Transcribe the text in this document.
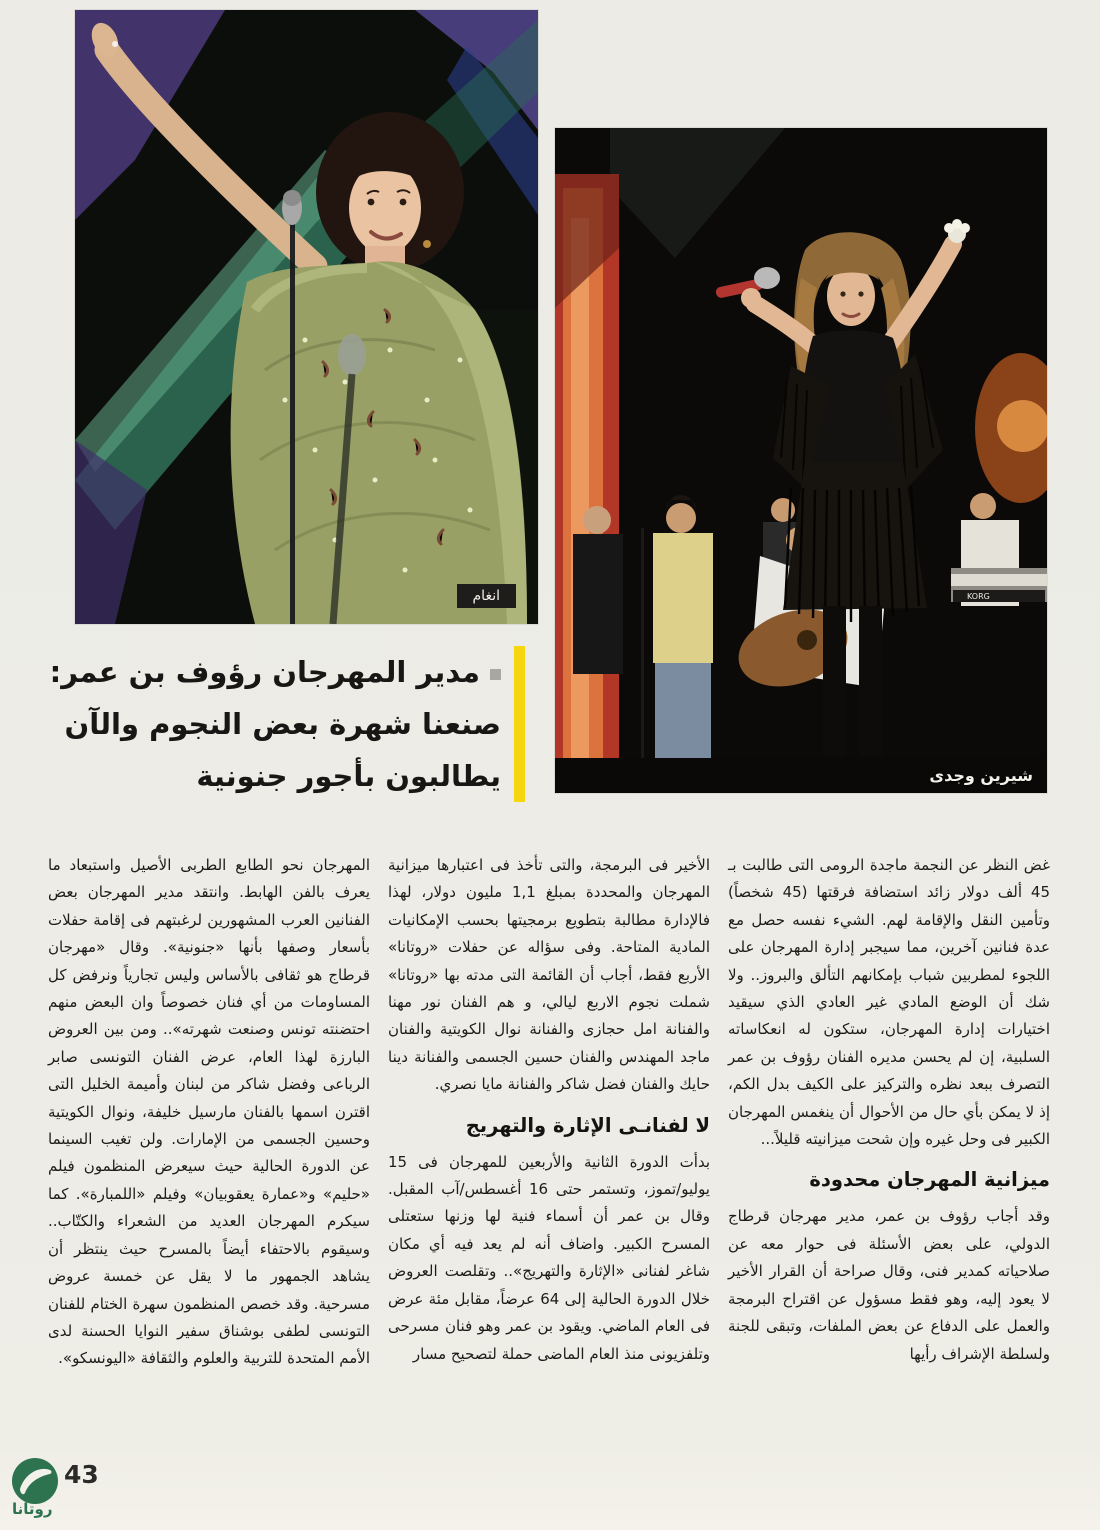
انغام	KORG
شيرين وجدى
مدير المهرجان رؤوف بن عمر:
صنعنا شهرة بعض النجوم والآن
يطالبون بأجور جنونية

غض النظر عن النجمة ماجدة الرومى التى طالبت بـ 45 ألف دولار زائد استضافة فرقتها (45 شخصاً) وتأمين النقل والإقامة لهم. الشيء نفسه حصل مع عدة فنانين آخرين، مما سيجبر إدارة المهرجان على اللجوء لمطربين شباب بإمكانهم التألق والبروز.. ولا شك أن الوضع المادي غير العادي الذي سيقيد اختيارات إدارة المهرجان، ستكون له انعكاساته السلبية، إن لم يحسن مديره الفنان رؤوف بن عمر التصرف ببعد نظره والتركيز على الكيف بدل الكم، إذ لا يمكن بأي حال من الأحوال أن ينغمس المهرجان الكبير فى وحل غيره وإن شحت ميزانيته قليلاً...

ميزانية المهرجان محدودة

وقد أجاب رؤوف بن عمر، مدير مهرجان قرطاج الدولي، على بعض الأسئلة فى حوار معه عن صلاحياته كمدير فنى، وقال صراحة أن القرار الأخير لا يعود إليه، وهو فقط مسؤول عن اقتراح البرمجة والعمل على الدفاع عن بعض الملفات، وتبقى للجنة ولسلطة الإشراف رأيها

الأخير فى البرمجة، والتى تأخذ فى اعتبارها ميزانية المهرجان والمحددة بمبلغ 1,1 مليون دولار، لهذا فالإدارة مطالبة بتطويع برمجيتها بحسب الإمكانيات المادية المتاحة. وفى سؤاله عن حفلات «روتانا» الأربع فقط، أجاب أن القائمة التى مدته بها «روتانا» شملت نجوم الاربع ليالي، و هم الفنان نور مهنا والفنانة امل حجازى والفنانة نوال الكويتية والفنان ماجد المهندس والفنان حسين الجسمى والفنانة دينا حايك والفنان فضل شاكر والفنانة مايا نصري.

لا لفنانـى الإثارة والتهريج

بدأت الدورة الثانية والأربعين للمهرجان فى 15 يوليو/تموز، وتستمر حتى 16 أغسطس/آب المقبل. وقال بن عمر أن أسماء فنية لها وزنها ستعتلى المسرح الكبير. واضاف أنه لم يعد فيه أي مكان شاغر لفنانى «الإثارة والتهريج».. وتقلصت العروض خلال الدورة الحالية إلى 64 عرضاً، مقابل مئة عرض فى العام الماضي. ويقود بن عمر وهو فنان مسرحى وتلفزيونى منذ العام الماضى حملة لتصحيح مسار

المهرجان نحو الطابع الطربى الأصيل واستبعاد ما يعرف بالفن الهابط. وانتقد مدير المهرجان بعض الفنانين العرب المشهورين لرغبتهم فى إقامة حفلات بأسعار وصفها بأنها «جنونية». وقال «مهرجان قرطاج هو ثقافى بالأساس وليس تجارياً ونرفض كل المساومات من أي فنان خصوصاً وان البعض منهم احتضنته تونس وصنعت شهرته».. ومن بين العروض البارزة لهذا العام، عرض الفنان التونسى صابر الرباعى وفضل شاكر من لبنان وأميمة الخليل التى اقترن اسمها بالفنان مارسيل خليفة، ونوال الكويتية وحسين الجسمى من الإمارات. ولن تغيب السينما عن الدورة الحالية حيث سيعرض المنظمون فيلم «حليم» و«عمارة يعقوبيان» وفيلم «اللمبارة». كما سيكرم المهرجان العديد من الشعراء والكتّاب.. وسيقوم بالاحتفاء أيضاً بالمسرح حيث ينتظر أن يشاهد الجمهور ما لا يقل عن خمسة عروض مسرحية. وقد خصص المنظمون سهرة الختام للفنان التونسى لطفى بوشناق سفير النوايا الحسنة لدى الأمم المتحدة للتربية والعلوم والثقافة «اليونسكو».

43
روتانا
